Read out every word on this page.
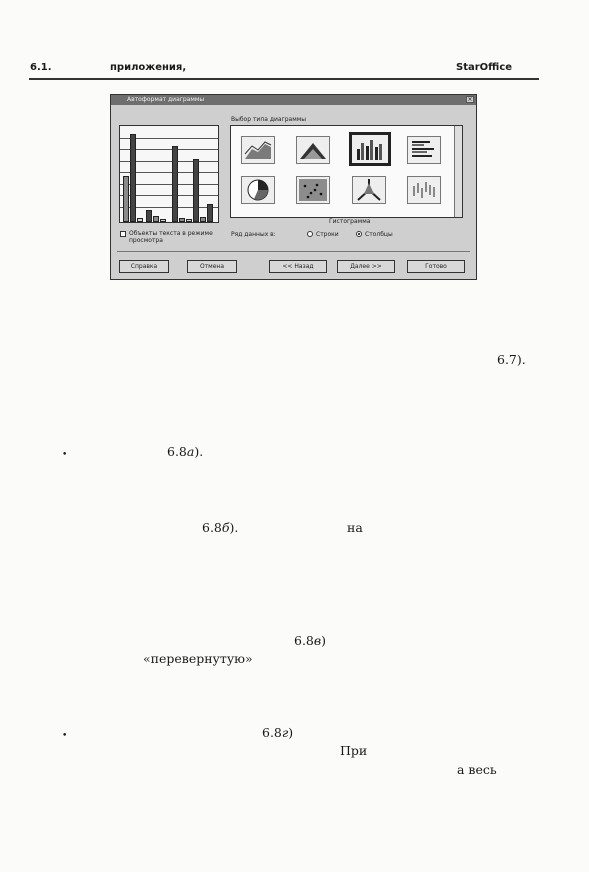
6.1.	приложения,	StarOffice
Автоформат диаграммы	×
Выбор типа диаграммы
Гистограмма
Объекты текста в режиме
просмотра
Ряд данных в:	Строки	Столбцы
Справка	Отмена	<< Назад	Далее >>	Готово
6.7).
•	6.8а).
6.8б).	на
6.8в)
«перевернутую»
•	6.8г)
При
а весь
